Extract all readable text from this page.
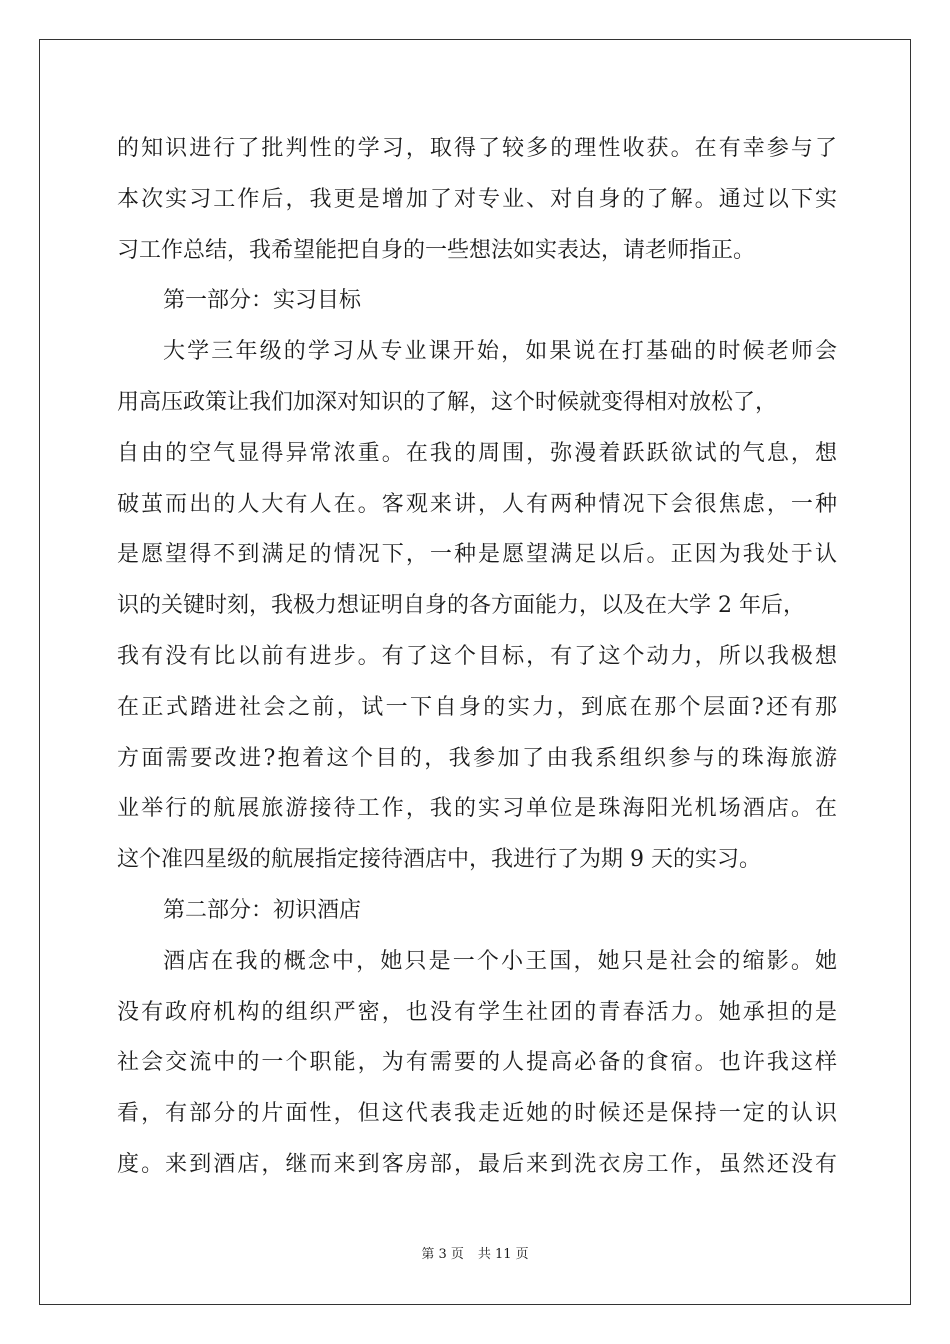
的知识进行了批判性的学习，取得了较多的理性收获。在有幸参与了
本次实习工作后，我更是增加了对专业、对自身的了解。通过以下实
习工作总结，我希望能把自身的一些想法如实表达，请老师指正。
第一部分：实习目标
大学三年级的学习从专业课开始，如果说在打基础的时候老师会
用高压政策让我们加深对知识的了解，这个时候就变得相对放松了，
自由的空气显得异常浓重。在我的周围，弥漫着跃跃欲试的气息，想
破茧而出的人大有人在。客观来讲，人有两种情况下会很焦虑，一种
是愿望得不到满足的情况下，一种是愿望满足以后。正因为我处于认
识的关键时刻，我极力想证明自身的各方面能力，以及在大学 2 年后，
我有没有比以前有进步。有了这个目标，有了这个动力，所以我极想
在正式踏进社会之前，试一下自身的实力，到底在那个层面?还有那
方面需要改进?抱着这个目的，我参加了由我系组织参与的珠海旅游
业举行的航展旅游接待工作，我的实习单位是珠海阳光机场酒店。在
这个准四星级的航展指定接待酒店中，我进行了为期 9 天的实习。
第二部分：初识酒店
酒店在我的概念中，她只是一个小王国，她只是社会的缩影。她
没有政府机构的组织严密，也没有学生社团的青春活力。她承担的是
社会交流中的一个职能，为有需要的人提高必备的食宿。也许我这样
看，有部分的片面性，但这代表我走近她的时候还是保持一定的认识
度。来到酒店，继而来到客房部，最后来到洗衣房工作，虽然还没有
第 3 页 共 11 页
